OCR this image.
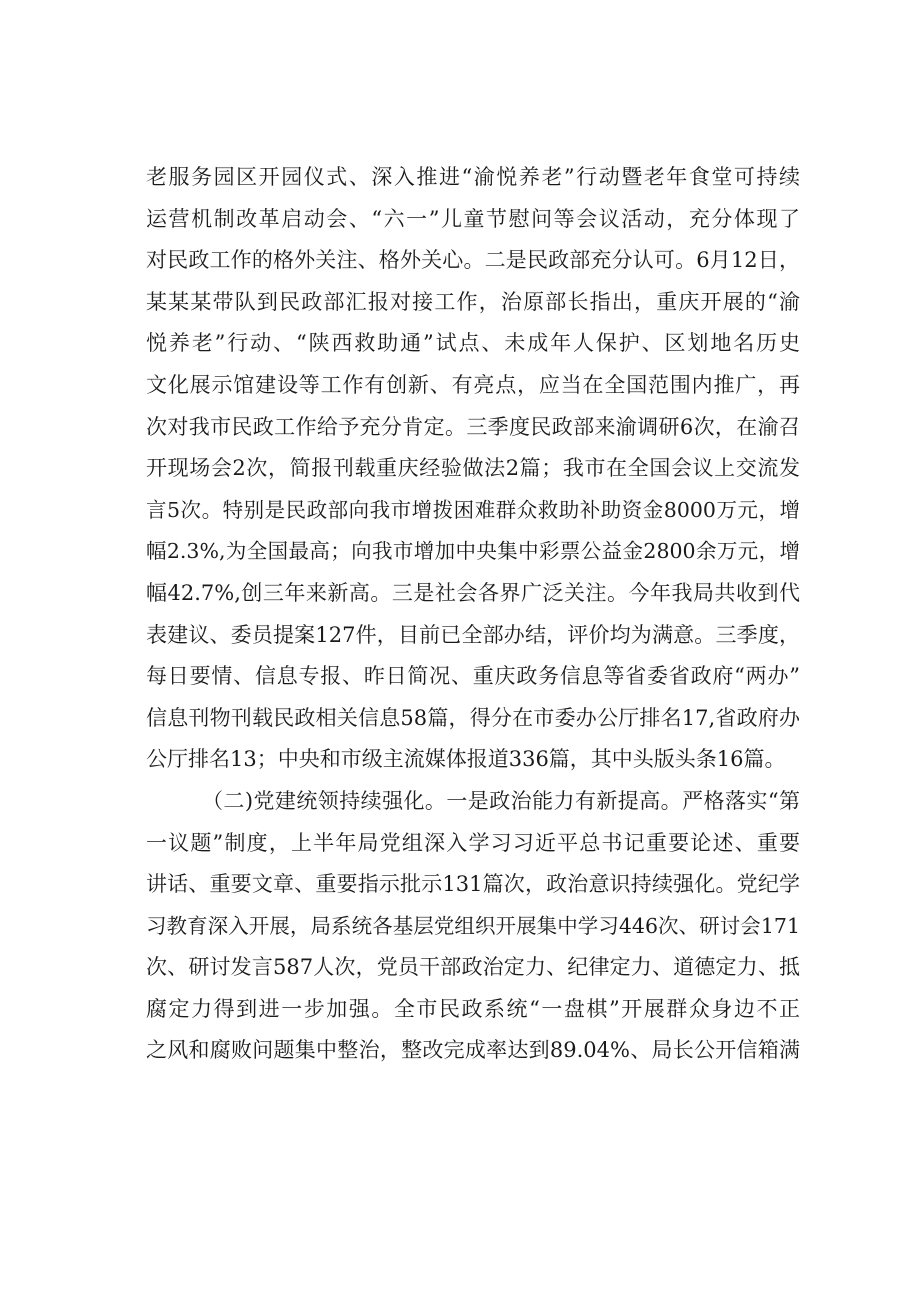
老服务园区开园仪式、深入推进“渝悦养老”行动暨老年食堂可持续
运营机制改革启动会、“六一”儿童节慰问等会议活动，充分体现了
对民政工作的格外关注、格外关心。二是民政部充分认可。6月12日，
某某某带队到民政部汇报对接工作，治原部长指出，重庆开展的“渝
悦养老”行动、“陕西救助通”试点、未成年人保护、区划地名历史
文化展示馆建设等工作有创新、有亮点，应当在全国范围内推广，再
次对我市民政工作给予充分肯定。三季度民政部来渝调研6次，在渝召
开现场会2次，简报刊载重庆经验做法2篇；我市在全国会议上交流发
言5次。特别是民政部向我市增拨困难群众救助补助资金8000万元，增
幅2.3%,为全国最高；向我市增加中央集中彩票公益金2800余万元，增
幅42.7%,创三年来新高。三是社会各界广泛关注。今年我局共收到代
表建议、委员提案127件，目前已全部办结，评价均为满意。三季度，
每日要情、信息专报、昨日简况、重庆政务信息等省委省政府“两办”
信息刊物刊载民政相关信息58篇，得分在市委办公厅排名17,省政府办
公厅排名13；中央和市级主流媒体报道336篇，其中头版头条16篇。
（二)党建统领持续强化。一是政治能力有新提高。严格落实“第
一议题”制度，上半年局党组深入学习习近平总书记重要论述、重要
讲话、重要文章、重要指示批示131篇次，政治意识持续强化。党纪学
习教育深入开展，局系统各基层党组织开展集中学习446次、研讨会171
次、研讨发言587人次，党员干部政治定力、纪律定力、道德定力、抵
腐定力得到进一步加强。全市民政系统“一盘棋”开展群众身边不正
之风和腐败问题集中整治，整改完成率达到89.04%、局长公开信箱满
